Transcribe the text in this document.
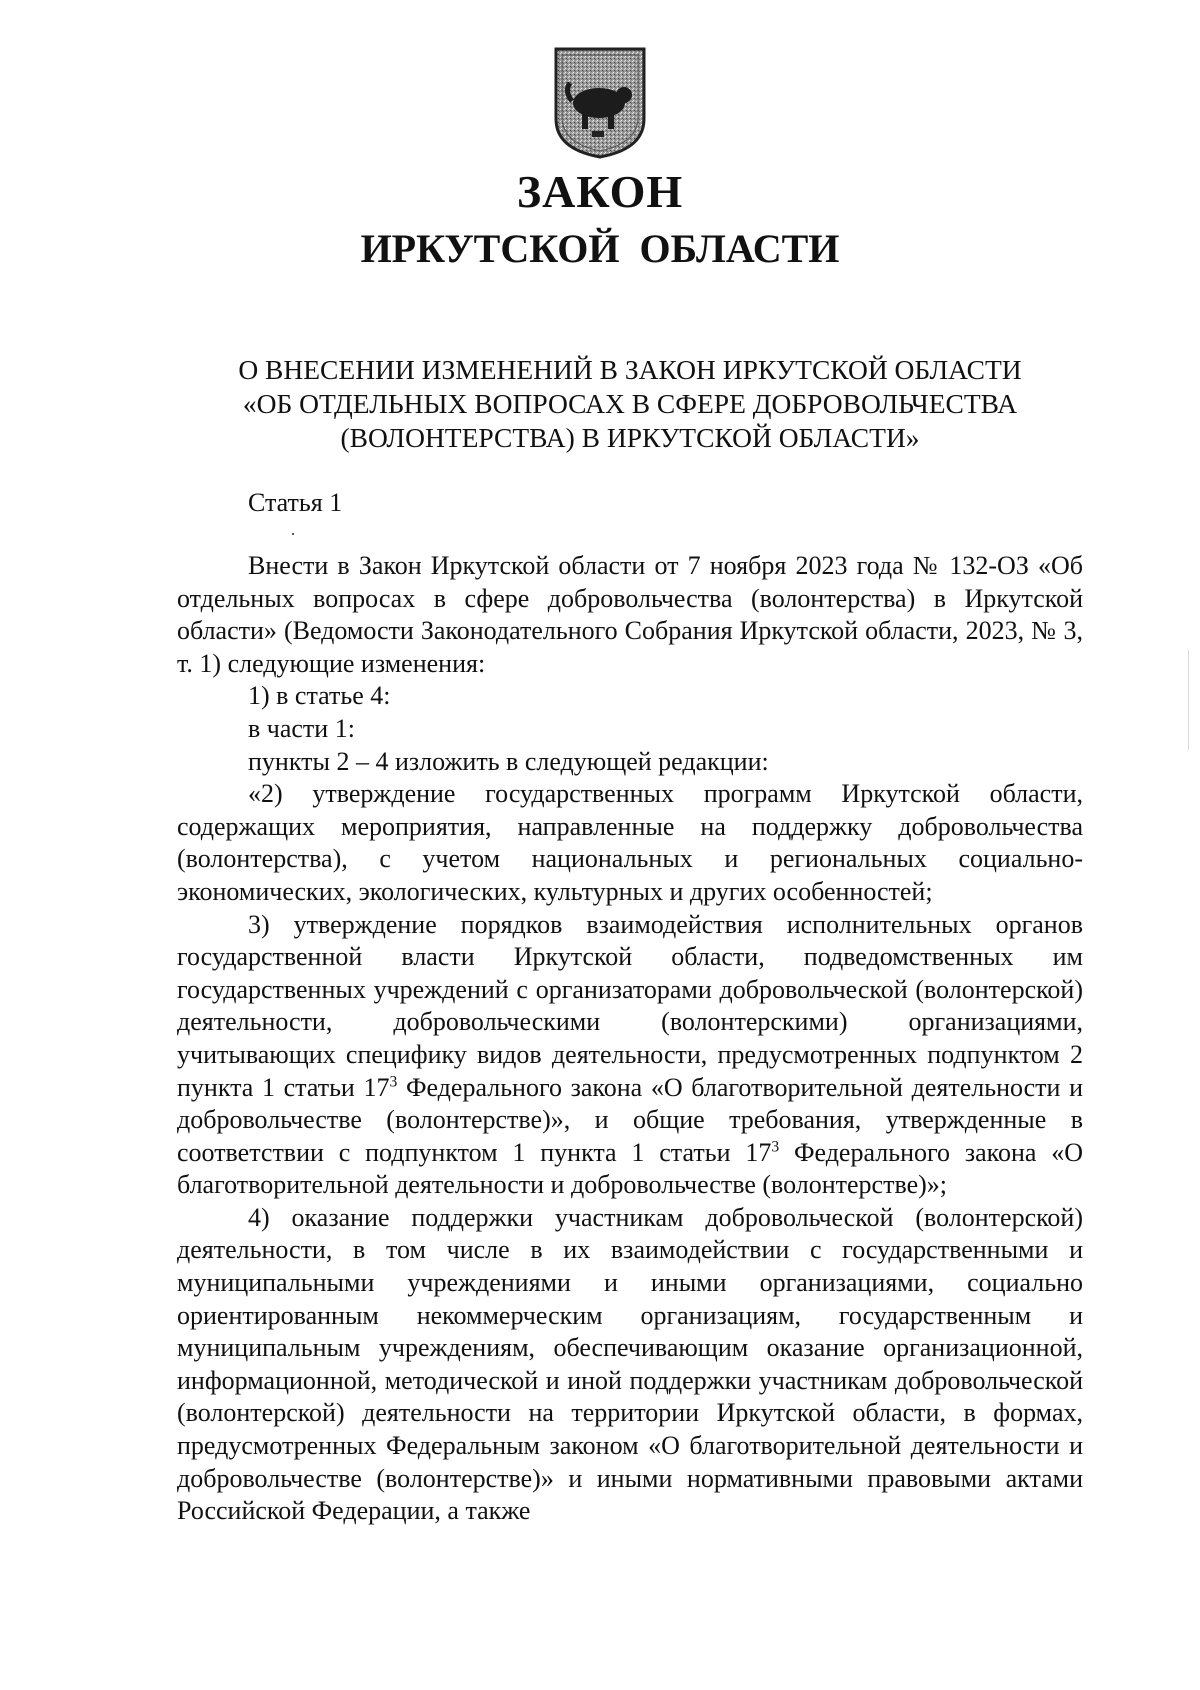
ЗАКОН
ИРКУТСКОЙ ОБЛАСТИ
О ВНЕСЕНИИ ИЗМЕНЕНИЙ В ЗАКОН ИРКУТСКОЙ ОБЛАСТИ
«ОБ ОТДЕЛЬНЫХ ВОПРОСАХ В СФЕРЕ ДОБРОВОЛЬЧЕСТВА
(ВОЛОНТЕРСТВА) В ИРКУТСКОЙ ОБЛАСТИ»

Статья 1

Внести в Закон Иркутской области от 7 ноября 2023 года № 132-ОЗ «Об отдельных вопросах в сфере добровольчества (волонтерства) в Иркутской области» (Ведомости Законодательного Собрания Иркутской области, 2023, № 3, т. 1) следующие изменения:

1) в статье 4:

в части 1:

пункты 2 – 4 изложить в следующей редакции:

«2) утверждение государственных программ Иркутской области, содержащих мероприятия, направленные на поддержку добровольчества (волонтерства), с учетом национальных и региональных социально-экономических, экологических, культурных и других особенностей;

3) утверждение порядков взаимодействия исполнительных органов государственной власти Иркутской области, подведомственных им государственных учреждений с организаторами добровольческой (волонтерской) деятельности, добровольческими (волонтерскими) организациями, учитывающих специфику видов деятельности, предусмотренных подпунктом 2 пункта 1 статьи $17^3$ Федерального закона «О благотворительной деятельности и добровольчестве (волонтерстве)», и общие требования, утвержденные в соответствии с подпунктом 1 пункта 1 статьи $17^3$ Федерального закона «О благотворительной деятельности и добровольчестве (волонтерстве)»;

4) оказание поддержки участникам добровольческой (волонтерской) деятельности, в том числе в их взаимодействии с государственными и муниципальными учреждениями и иными организациями, социально ориентированным некоммерческим организациям, государственным и муниципальным учреждениям, обеспечивающим оказание организационной, информационной, методической и иной поддержки участникам добровольческой (волонтерской) деятельности на территории Иркутской области, в формах, предусмотренных Федеральным законом «О благотворительной деятельности и добровольчестве (волонтерстве)» и иными нормативными правовыми актами Российской Федерации, а также
